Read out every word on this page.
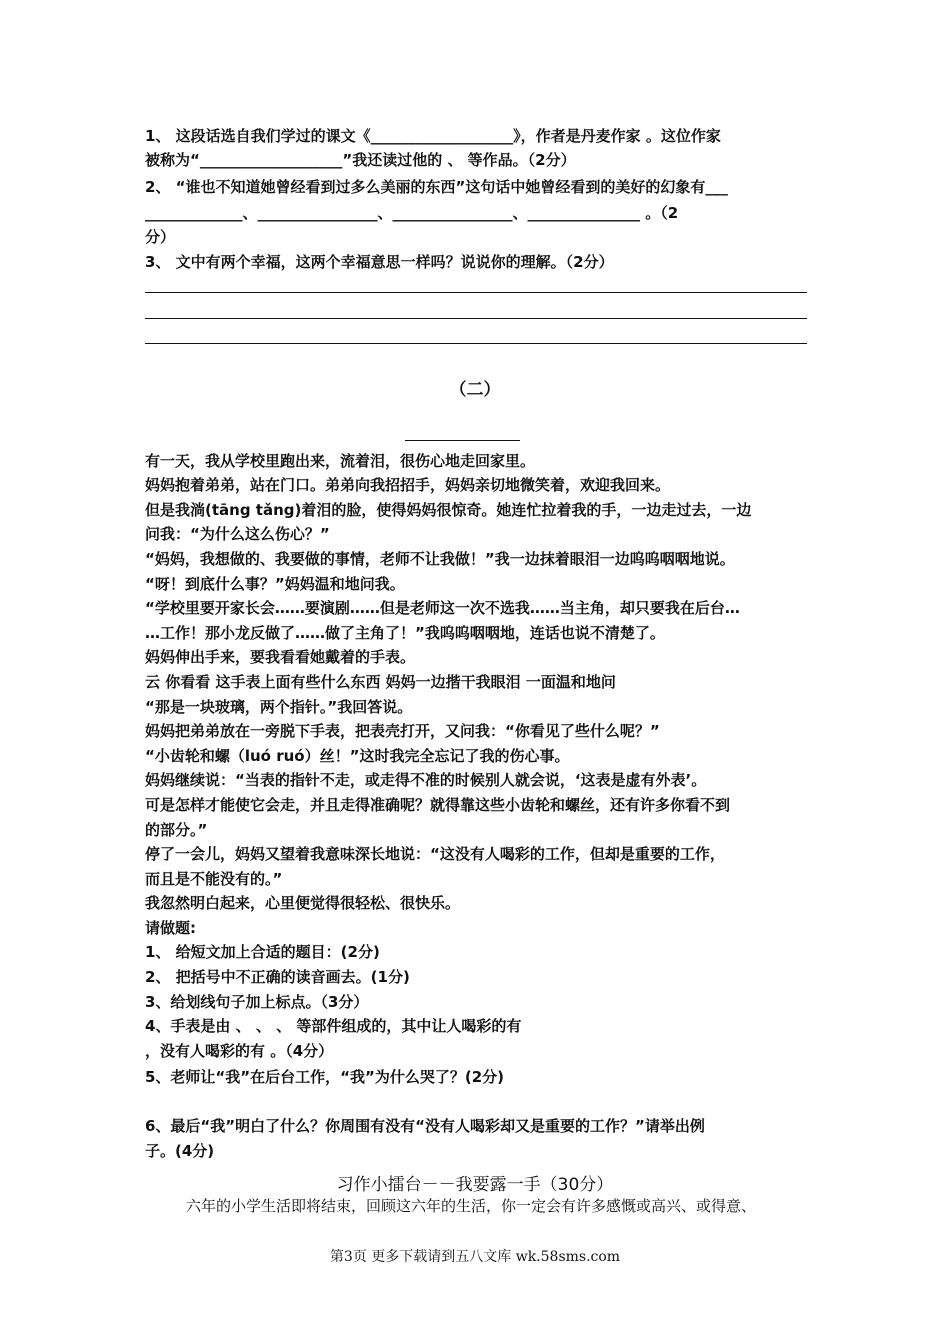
1、 这段话选自我们学过的课文《___________________》，作者是丹麦作家 。这位作家
被称为“___________________”我还读过他的 、 等作品。（2分）
2、 “谁也不知道她曾经看到过多么美丽的东西”这句话中她曾经看到的美好的幻象有___
_____________、________________、________________、_______________ 。（2
分）
3、 文中有两个幸福，这两个幸福意思一样吗？说说你的理解。（2分）
（二）
有一天，我从学校里跑出来，流着泪，很伤心地走回家里。
妈妈抱着弟弟，站在门口。弟弟向我招招手，妈妈亲切地微笑着，欢迎我回来。
但是我淌(tāng tǎng)着泪的脸，使得妈妈很惊奇。她连忙拉着我的手，一边走过去，一边
问我：“为什么这么伤心？”
“妈妈，我想做的、我要做的事情，老师不让我做！”我一边抹着眼泪一边呜呜咽咽地说。
“呀！到底什么事？”妈妈温和地问我。
“学校里要开家长会……要演剧……但是老师这一次不选我……当主角，却只要我在后台…
…工作！那小龙反做了……做了主角了！”我呜呜咽咽地，连话也说不清楚了。
妈妈伸出手来，要我看看她戴着的手表。
云 你看看 这手表上面有些什么东西 妈妈一边揩干我眼泪 一面温和地问
“那是一块玻璃，两个指针。”我回答说。
妈妈把弟弟放在一旁脱下手表，把表壳打开，又问我：“你看见了些什么呢？”
“小齿轮和螺（luó ruó）丝！”这时我完全忘记了我的伤心事。
妈妈继续说：“当表的指针不走，或走得不准的时候别人就会说，‘这表是虚有外表’。
可是怎样才能使它会走，并且走得准确呢？就得靠这些小齿轮和螺丝，还有许多你看不到
的部分。”
停了一会儿，妈妈又望着我意味深长地说：“这没有人喝彩的工作，但却是重要的工作，
而且是不能没有的。”
我忽然明白起来，心里便觉得很轻松、很快乐。
请做题:
1、 给短文加上合适的题目：(2分)
2、 把括号中不正确的读音画去。(1分)
3、给划线句子加上标点。（3分）
4、手表是由 、 、 、 等部件组成的，其中让人喝彩的有
，没有人喝彩的有 。（4分）
5、老师让“我”在后台工作，“我”为什么哭了？(2分)
6、最后“我”明白了什么？你周围有没有“没有人喝彩却又是重要的工作？”请举出例
子。(4分)
习作小擂台－－我要露一手（30分）
六年的小学生活即将结束，回顾这六年的生活，你一定会有许多感慨或高兴、或得意、
第3页 更多下载请到五八文库 wk.58sms.com
